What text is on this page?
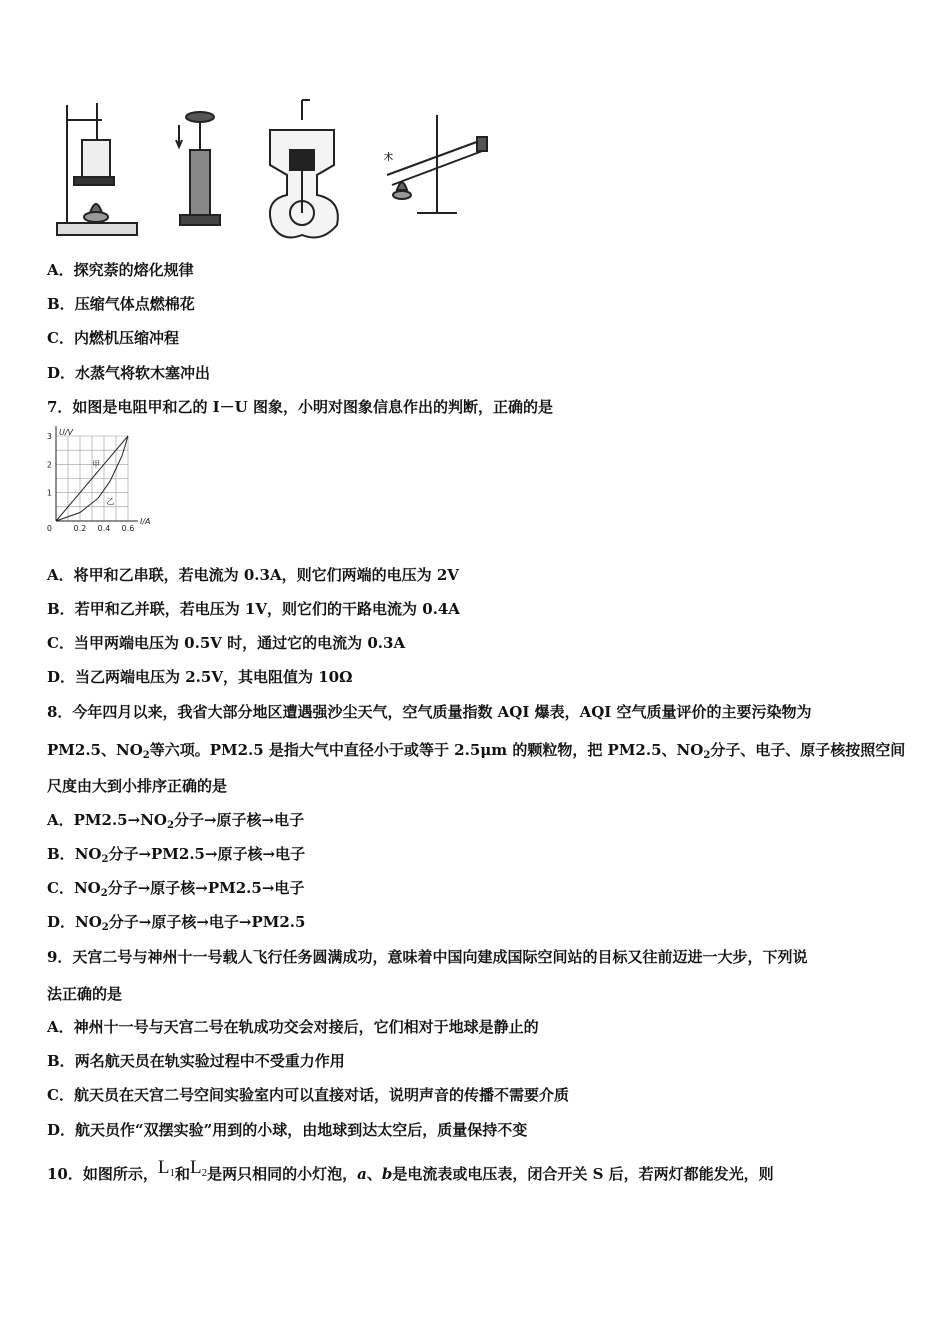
木
A．探究萘的熔化规律
B．压缩气体点燃棉花
C．内燃机压缩冲程
D．水蒸气将软木塞冲出
7．如图是电阻甲和乙的 I－U 图象，小明对图象信息作出的判断，正确的是
0.2 0.4 0.6
1
2
3
0
I/A
U/V
甲
乙
A．将甲和乙串联，若电流为 0.3A，则它们两端的电压为 2V
B．若甲和乙并联，若电压为 1V，则它们的干路电流为 0.4A
C．当甲两端电压为 0.5V 时，通过它的电流为 0.3A
D．当乙两端电压为 2.5V，其电阻值为 10Ω
8．今年四月以来，我省大部分地区遭遇强沙尘天气，空气质量指数 AQI 爆表，AQI 空气质量评价的主要污染物为
PM2.5、$NO_2$等六项。PM2.5 是指大气中直径小于或等于 2.5μm 的颗粒物，把 PM2.5、$NO_2$分子、电子、原子核按照空间
尺度由大到小排序正确的是
A．$PM2.5\to NO_2$分子→原子核→电子
B．$NO_2$分子→PM2.5→原子核→电子
C．$NO_2$分子→原子核→PM2.5→电子
D．$NO_2$分子→原子核→电子→PM2.5
9．天宫二号与神州十一号载人飞行任务圆满成功，意味着中国向建成国际空间站的目标又往前迈进一大步，下列说
法正确的是
A．神州十一号与天宫二号在轨成功交会对接后，它们相对于地球是静止的
B．两名航天员在轨实验过程中不受重力作用
C．航天员在天宫二号空间实验室内可以直接对话，说明声音的传播不需要介质
D．航天员作“双摆实验”用到的小球，由地球到达太空后，质量保持不变
10．如图所示，$L_1$和$L_2$是两只相同的小灯泡，a、b是电流表或电压表，闭合开关 S 后，若两灯都能发光，则
